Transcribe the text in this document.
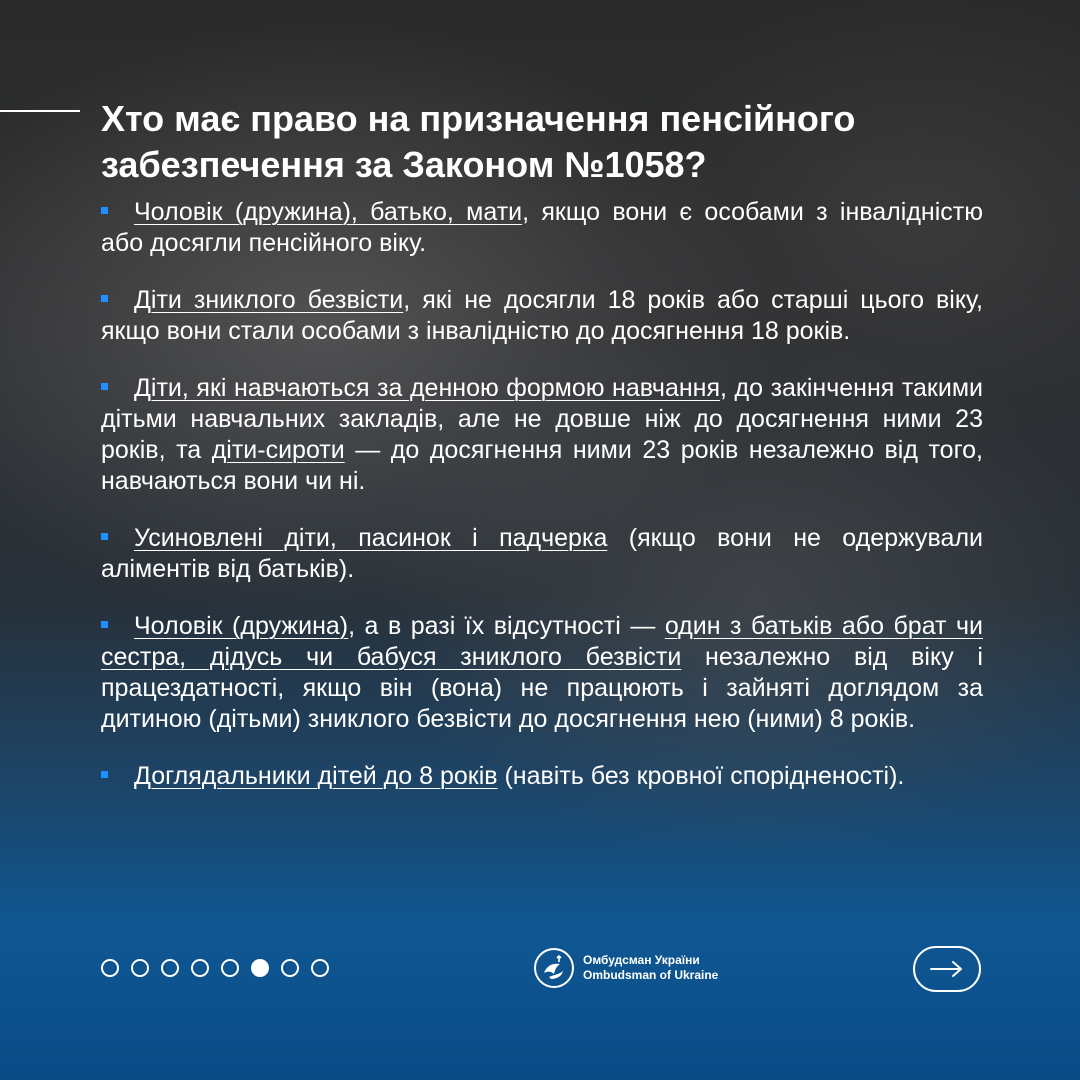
Хто має право на призначення пенсійного забезпечення за Законом №1058?
Чоловік (дружина), батько, мати, якщо вони є особами з інвалідністю або досягли пенсійного віку.
Діти зниклого безвісти, які не досягли 18 років або старші цього віку, якщо вони стали особами з інвалідністю до досягнення 18 років.
Діти, які навчаються за денною формою навчання, до закінчення такими дітьми навчальних закладів, але не довше ніж до досягнення ними 23 років, та діти-сироти — до досягнення ними 23 років незалежно від того, навчаються вони чи ні.
Усиновлені діти, пасинок і падчерка (якщо вони не одержували аліментів від батьків).
Чоловік (дружина), а в разі їх відсутності — один з батьків або брат чи сестра, дідусь чи бабуся зниклого безвісти незалежно від віку і працездатності, якщо він (вона) не працюють і зайняті доглядом за дитиною (дітьми) зниклого безвісти до досягнення нею (ними) 8 років.
Доглядальники дітей до 8 років (навіть без кровної спорідненості).
Омбудсман України
Ombudsman of Ukraine
